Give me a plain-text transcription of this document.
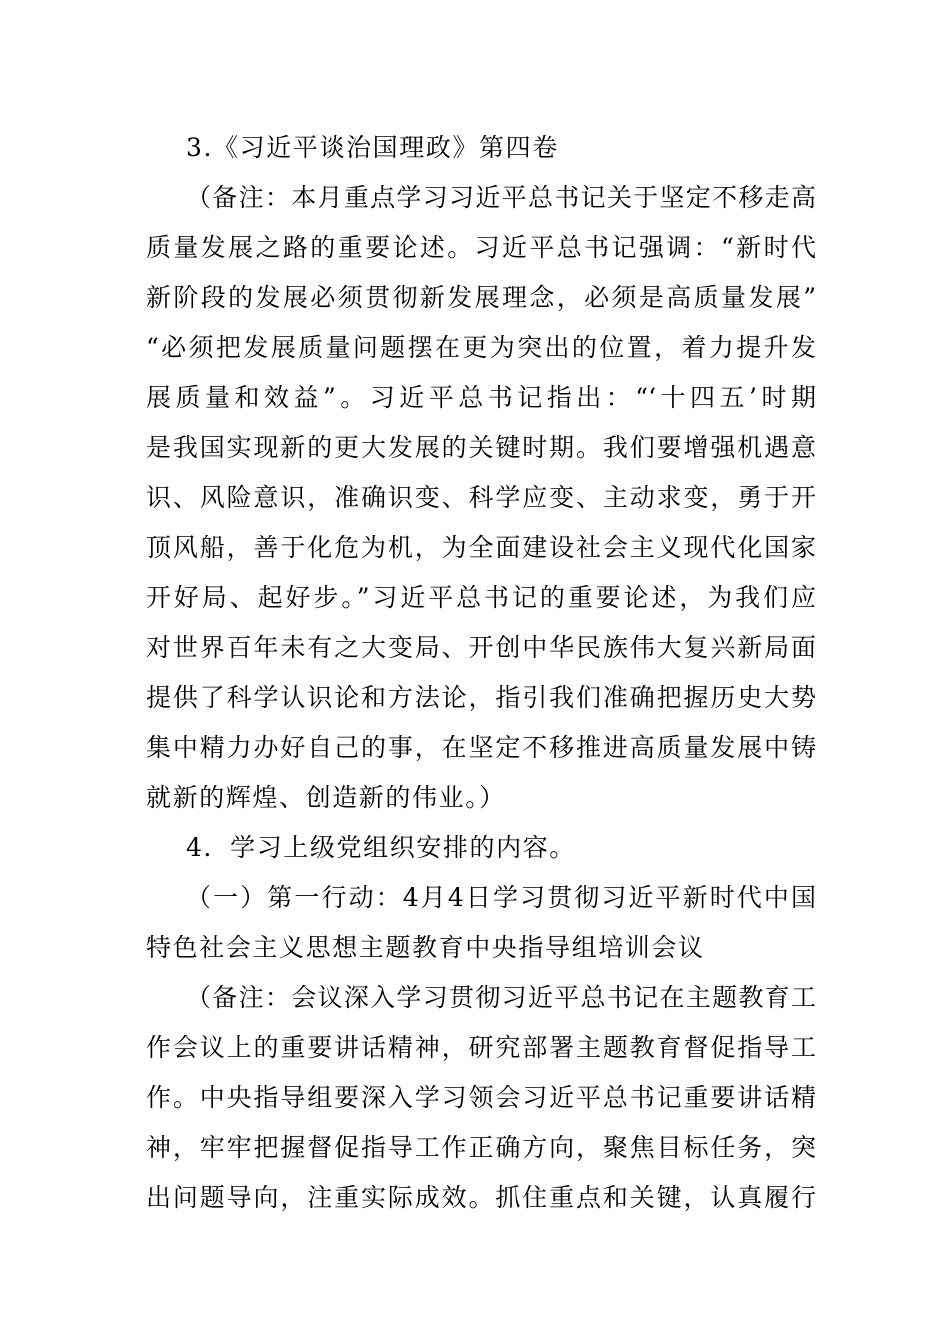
3.《习近平谈治国理政》第四卷
（备注：本月重点学习习近平总书记关于坚定不移走高
质量发展之路的重要论述。习近平总书记强调：“新时代
新阶段的发展必须贯彻新发展理念，必须是高质量发展”
“必须把发展质量问题摆在更为突出的位置，着力提升发
展质量和效益”。习近平总书记指出：“‘十四五’时期
是我国实现新的更大发展的关键时期。我们要增强机遇意
识、风险意识，准确识变、科学应变、主动求变，勇于开
顶风船，善于化危为机，为全面建设社会主义现代化国家
开好局、起好步。”习近平总书记的重要论述，为我们应
对世界百年未有之大变局、开创中华民族伟大复兴新局面
提供了科学认识论和方法论，指引我们准确把握历史大势
集中精力办好自己的事，在坚定不移推进高质量发展中铸
就新的辉煌、创造新的伟业。）
4．学习上级党组织安排的内容。
（一）第一行动：4月4日学习贯彻习近平新时代中国
特色社会主义思想主题教育中央指导组培训会议
（备注：会议深入学习贯彻习近平总书记在主题教育工
作会议上的重要讲话精神，研究部署主题教育督促指导工
作。中央指导组要深入学习领会习近平总书记重要讲话精
神，牢牢把握督促指导工作正确方向，聚焦目标任务，突
出问题导向，注重实际成效。抓住重点和关键，认真履行
